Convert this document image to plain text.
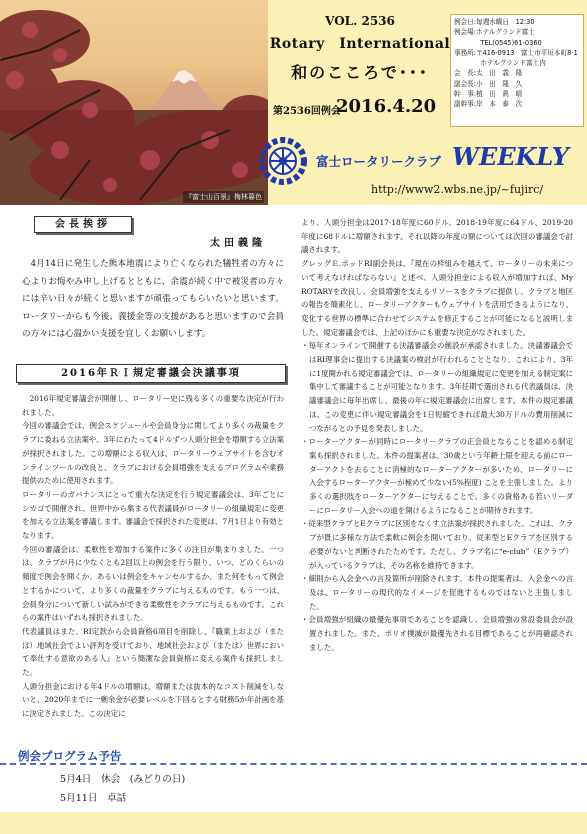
『富士山百景』梅林暮色
VOL. 2536
Rotary　International
和のこころで･･･
第2536回例会
2016.4.20
例会日:毎週水曜日　12:30
例会場:ホテルグランド富士
　　　　TEL(0545)61-0360
事務所:〒416-0913　富士市平垣本町8-1
　　　　ホテルグランド富士内
会　長:太　田　義　隆
副会長:小　出　隆　久
幹　事:植　田　眞　晴
副幹事:岸　本　泰　次
富士ロータリークラブ WEEKLY
http://www2.wbs.ne.jp/~fujirc/
会長挨拶
太田義隆

4月14日に発生した熊本地震により亡くなられた犠牲者の方々に心よりお悔やみ申し上げるとともに、余震が続く中で被災者の方々には辛い日々が続くと思いますが頑張ってもらいたいと思います。ロータリーからも今後、義援金等の支援があると思いますので会員の方々には心温かい支援を宜しくお願いします。

2016年ＲＩ規定審議会決議事項

　2016年規定審議会が開催し、ロータリー史に残る多くの重要な決定が行われました。

今回の審議会では、例会スケジュールや会員身分に関してより多くの裁量をクラブに委ねる立法案や、3年にわたって4ドルずつ人頭分担金を増額する立法案が採択されました。この増額による収入は、ロータリーウェブサイトを含むオンラインツールの改良と、クラブにおける会員増強を支えるプログラムや業務提供のために使用されます。

ロータリーのガバナンスにとって重大な決定を行う規定審議会は、3年ごとにシカゴで開催され、世界中から集まる代表議員がロータリーの組織規定に変更を加える立法案を審議します。審議会で採択された変更は、7月1日より有効となります。

今回の審議会は、柔軟性を増加する案件に多くの注目が集まりました。一つは、クラブが月に少なくとも2回以上の例会を行う限り、いつ、どのくらいの頻度で例会を開くか、あるいは例会をキャンセルするか、また何をもって例会とするかについて、より多くの裁量をクラブに与えるものです。もう一つは、会員身分について新しい試みができる柔軟性をクラブに与えるものです。これらの案件はいずれも採択されました。

代表議員はまた、RI定款から会員資格6項目を削除し、『職業上および（または）地域社会でよい評判を受けており、地域社会および（または）世界において奉仕する意欲のある人』という簡潔な会員資格に変える案件も採択しました。

人頭分担金における年4ドルの増額は、増額または抜本的なコスト削減をしないと、2020年までに一剰余金が必要レベルを下回るとする財務5か年計画を基に決定されました。この決定に

より、人頭分担金は2017-18年度に60ドル、2018-19年度に64ドル、2019-20年度に68ドルに増額されます。それ以降の年度の額については次回の審議会で討議されます。

グレッグＥ.ポッドRI副会長は、『現在の枠組みを越えて、ロータリーの未来について考えなければならない』と述べ、人頭分担金による収入が増加すれば、My ROTARYを改良し、会員増強を支えるリソースをクラブに提供し、クラブと地区の報告を簡素化し、ロータリーアクターもウェブサイトを活用できるようになり、変化する世界の標準に合わせてシステムを修正することが可能になると説明しました。規定審議会では、上記のほかにも重要な決定がなされました。

・毎年オンラインで開催する決議審議会の創設が承認されました。決議審議会ではRI理事会に提出する決議案の検討が行われることとなり、これにより、3年に1度開かれる規定審議会では、ロータリーの組織規定に変更を加える制定案に集中して審議することが可能となります。3年任期で選出される代表議員は、決議審議会に毎年出席し、最後の年に規定審議会に出席します。本件の規定審議は、この変更に伴い規定審議会を1日短縮できれば最大30万ドルの費用削減につながるとの予見を発表しました。
・ローターアクターが同時にロータリークラブの正会員となることを認める制定案も採択されました。本件の提案者は、30歳という年齢上限を迎える前にローターアクトを去ることに消極的なローターアクターが多いため、ロータリーに入会するローターアクターが極めて少ない(5%程度) ことを主張しました。より多くの選択肢をローターアクターに与えることで、多くの資格ある若いリーダーにロータリー入会への道を開けるようになることが期待されます。
・従来型クラブとEクラブに区別をなくす立法案が採択されました。これは、クラブが既に多様な方法で柔軟に例会を開いており、従来型とEクラブを区別する必要がないと判断されたためです。ただし、クラブ名に“e-club”（Eクラブ）が入っているクラブは、その名称を維持できます。
・細則から入会金への言及箇所が削除されます。本件の提案者は、入会金への言及は、ロータリーの現代的なイメージを促進するものではないと主張しました。
・会員増強が組織の最優先事項であることを認識し、会員増強の常設委員会が設置されました。また、ポリオ撲滅が最優先される目標であることが再確認されました。
例会プログラム予告
5月4日　休会　(みどりの日)
5月11日　卓話
